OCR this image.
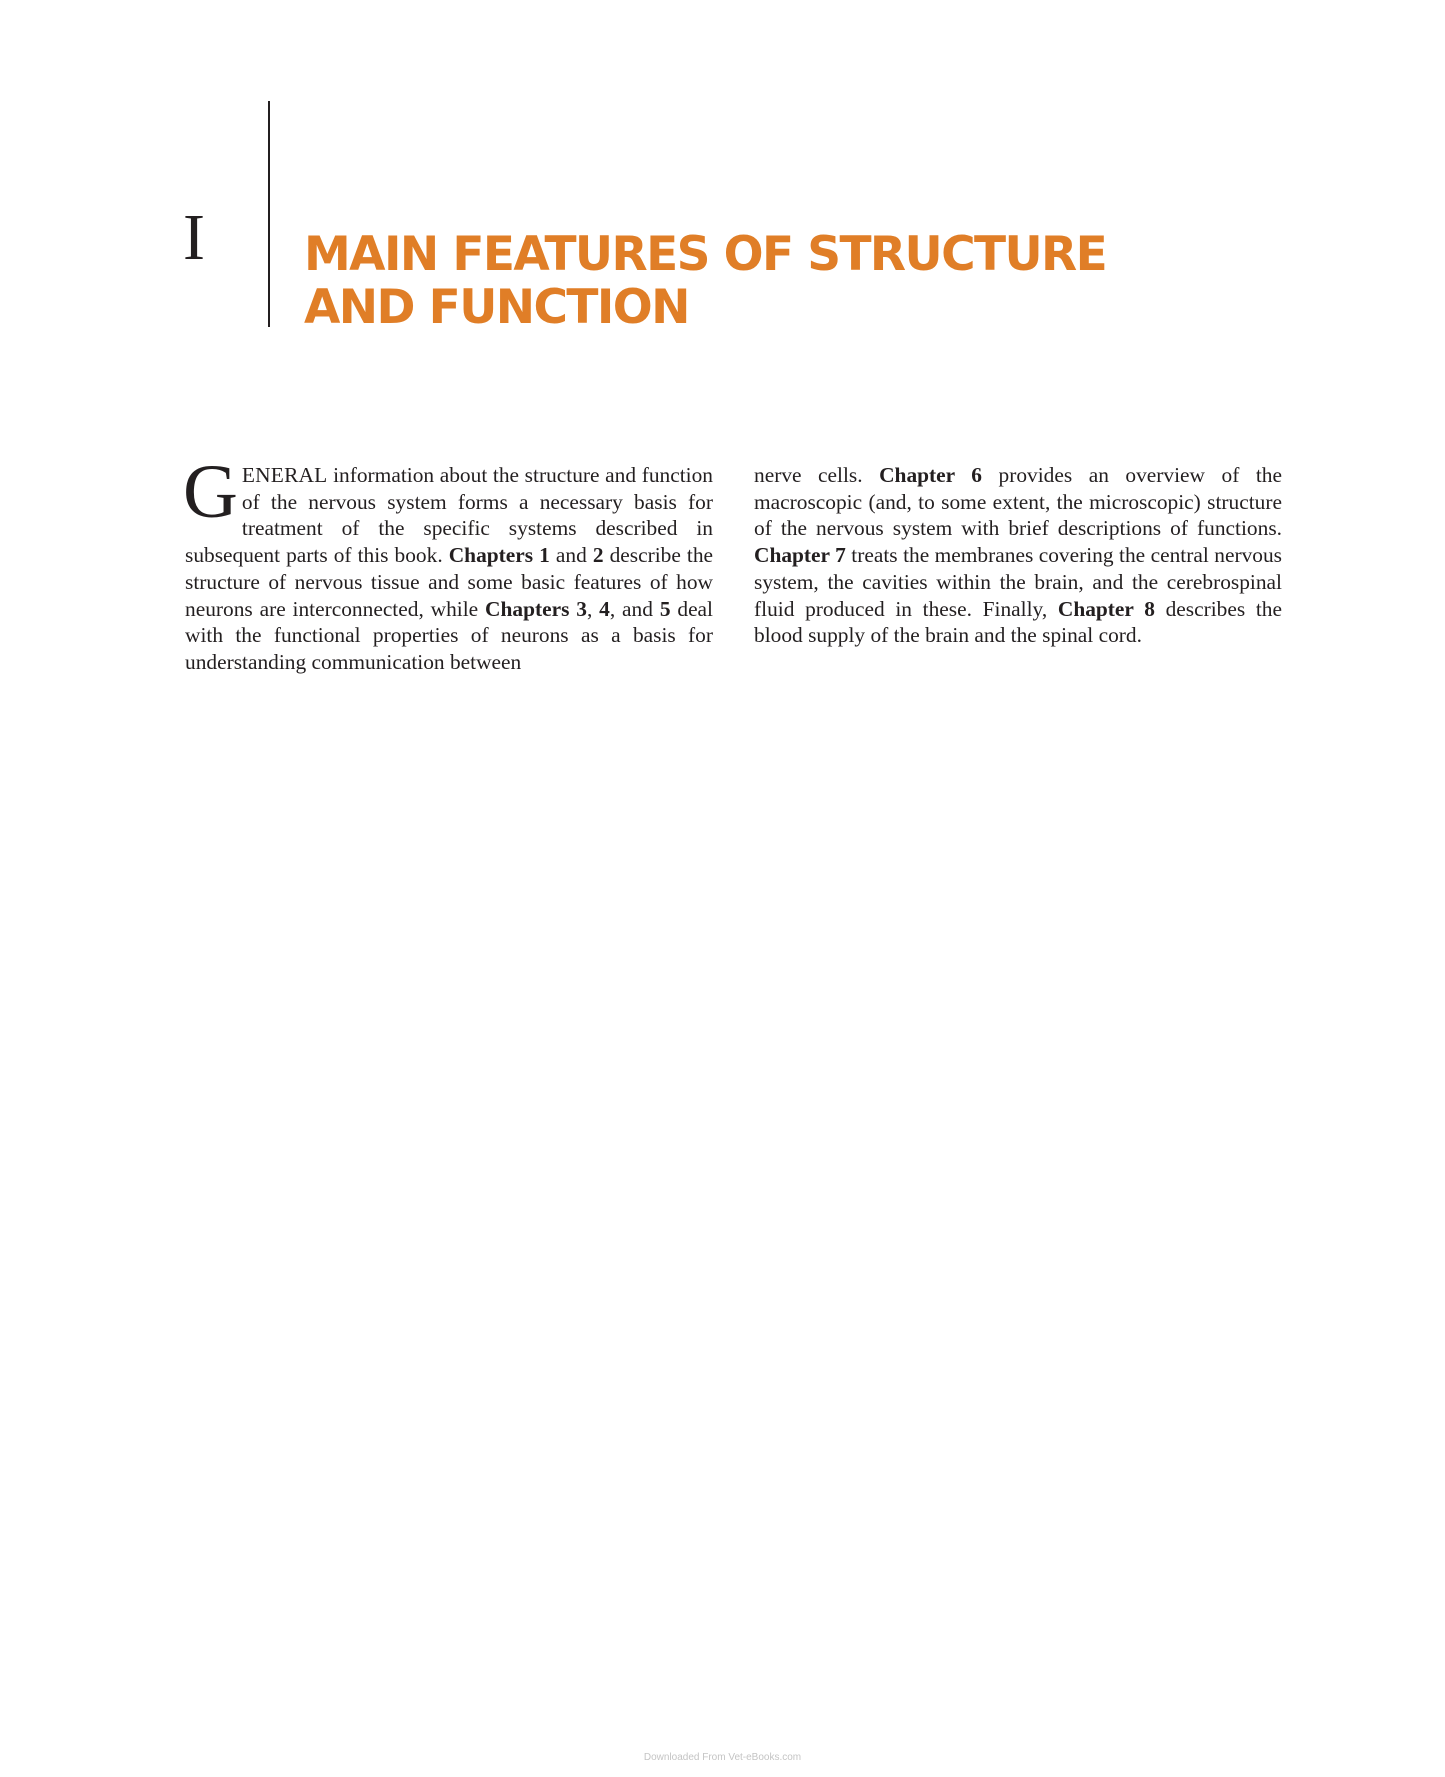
I MAIN FEATURES OF STRUCTURE
AND FUNCTION

GENERAL information about the structure and function of the nervous system forms a necessary basis for treatment of the specific systems described in subsequent parts of this book. Chapters 1 and 2 describe the structure of nervous tissue and some basic features of how neurons are interconnected, while Chapters 3, 4, and 5 deal with the functional properties of neurons as a basis for understanding communication between

nerve cells. Chapter 6 provides an overview of the macroscopic (and, to some extent, the microscopic) structure of the nervous system with brief descriptions of functions. Chapter 7 treats the membranes covering the central nervous system, the cavities within the brain, and the cerebrospinal fluid produced in these. Finally, Chapter 8 describes the blood supply of the brain and the spinal cord.

Downloaded From Vet-eBooks.com
